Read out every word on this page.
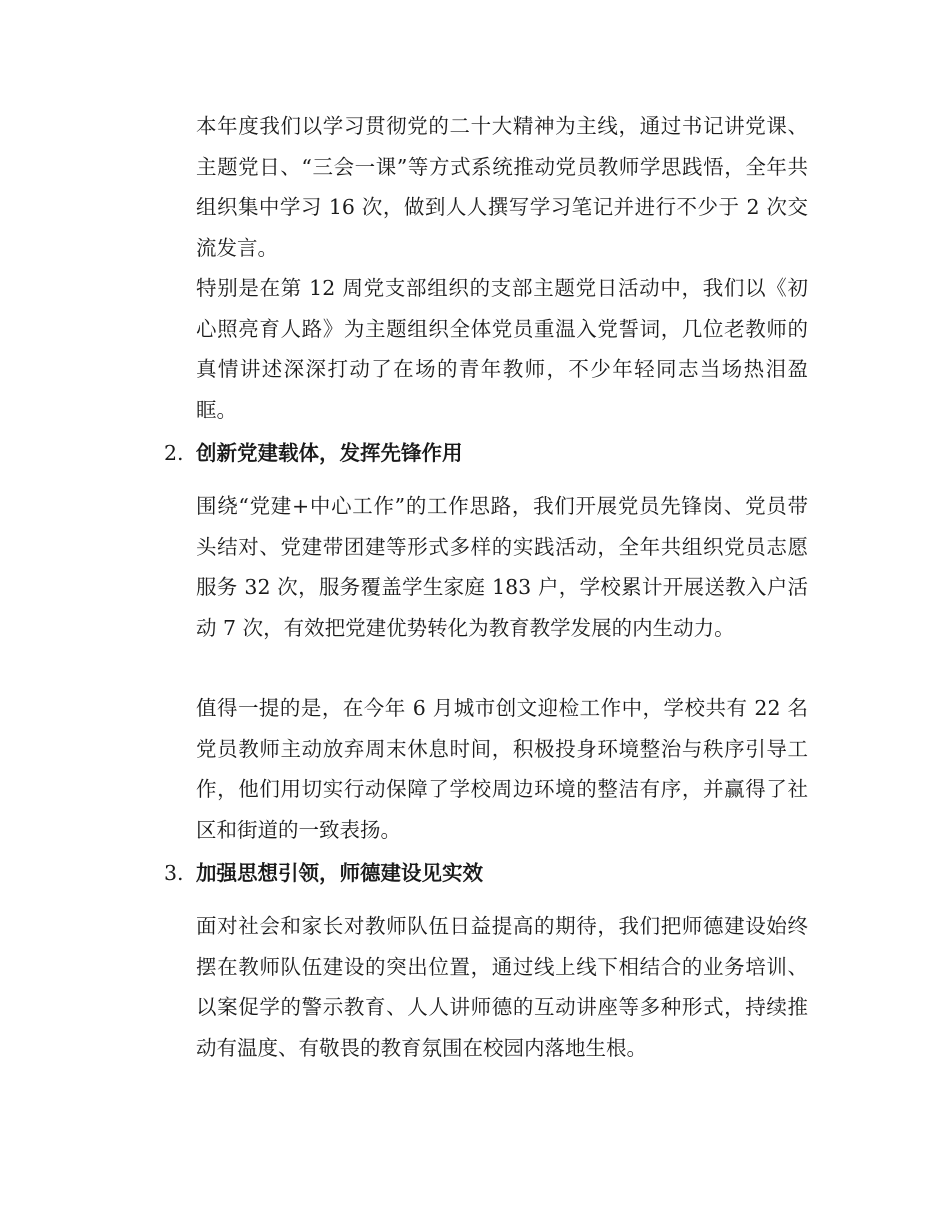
本年度我们以学习贯彻党的二十大精神为主线，通过书记讲党课、主题党日、“三会一课”等方式系统推动党员教师学思践悟，全年共组织集中学习 16 次，做到人人撰写学习笔记并进行不少于 2 次交流发言。

特别是在第 12 周党支部组织的支部主题党日活动中，我们以《初心照亮育人路》为主题组织全体党员重温入党誓词，几位老教师的真情讲述深深打动了在场的青年教师，不少年轻同志当场热泪盈眶。

2. 创新党建载体，发挥先锋作用

围绕“党建+中心工作”的工作思路，我们开展党员先锋岗、党员带头结对、党建带团建等形式多样的实践活动，全年共组织党员志愿服务 32 次，服务覆盖学生家庭 183 户，学校累计开展送教入户活动 7 次，有效把党建优势转化为教育教学发展的内生动力。

值得一提的是，在今年 6 月城市创文迎检工作中，学校共有 22 名党员教师主动放弃周末休息时间，积极投身环境整治与秩序引导工作，他们用切实行动保障了学校周边环境的整洁有序，并赢得了社区和街道的一致表扬。

3. 加强思想引领，师德建设见实效

面对社会和家长对教师队伍日益提高的期待，我们把师德建设始终摆在教师队伍建设的突出位置，通过线上线下相结合的业务培训、以案促学的警示教育、人人讲师德的互动讲座等多种形式，持续推动有温度、有敬畏的教育氛围在校园内落地生根。
